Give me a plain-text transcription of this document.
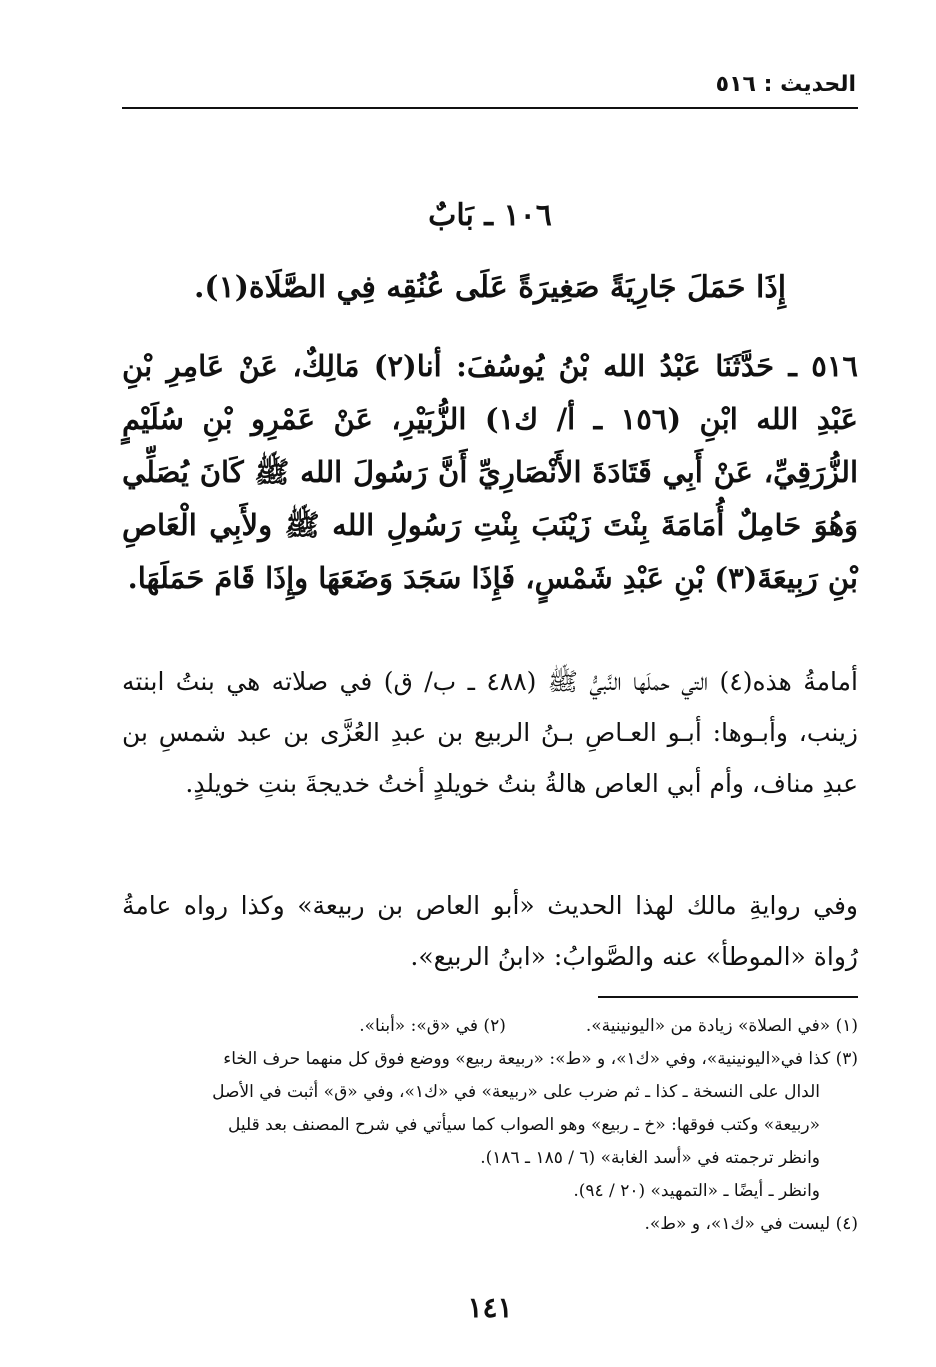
الحديث : ٥١٦
١٠٦ ـ بَابٌ
إِذَا حَمَلَ جَارِيَةً صَغِيرَةً عَلَى عُنُقِه فِي الصَّلَاة(١).
٥١٦ ـ حَدَّثَنَا عَبْدُ الله بْنُ يُوسُفَ: أنا(٢) مَالِكٌ، عَنْ عَامِرِ بْنِ عَبْدِ الله ابْنِ (١٥٦ ـ أ/ ك١) الزُّبَيْرِ، عَنْ عَمْرِو بْنِ سُلَيْمٍ الزُّرَقِيِّ، عَنْ أَبِي قَتَادَةَ الأَنْصَارِيِّ أَنَّ رَسُولَ الله ﷺ كَانَ يُصَلِّي وَهُوَ حَامِلٌ أُمَامَةَ بِنْتَ زَيْنَبَ بِنْتِ رَسُولِ الله ﷺ ولأَبِي الْعَاصِ بْنِ رَبِيعَةَ(٣) بْنِ عَبْدِ شَمْسٍ، فَإِذَا سَجَدَ وَضَعَهَا وإِذَا قَامَ حَمَلَهَا.
أمامةُ هذه(٤) التي حملَها النَّبيُّ ﷺ (٤٨٨ ـ ب/ ق) في صلاته هي بنتُ ابنته زينب، وأبـوها: أبـو العـاصِ بـنُ الربيع بن عبدِ العُزَّى بن عبد شمسِ بن عبدِ مناف، وأم أبي العاص هالةُ بنتُ خويلدٍ أختُ خديجةَ بنتِ خويلدٍ.
وفي روايةِ مالك لهذا الحديث «أبو العاص بن ربيعة» وكذا رواه عامةُ رُواة «الموطأ» عنه والصَّوابُ: «ابنُ الربيع».
(١) «في الصلاة» زيادة من «اليونينية».
(٢) في «ق»: «أبنا».
(٣) كذا في«اليونينية»، وفي «ك١»، و «ط»: «ربيعة ربيع» ووضع فوق كل منهما حرف الخاء
الدال على النسخة ـ كذا ـ ثم ضرب على «ربيعة» في «ك١»، وفي «ق» أثبت في الأصل
«ربيعة» وكتب فوقها: «خ ـ ربيع» وهو الصواب كما سيأتي في شرح المصنف بعد قليل
وانظر ترجمته في «أسد الغابة» (٦ / ١٨٥ ـ ١٨٦).
وانظر ـ أيضًا ـ «التمهيد» (٢٠ / ٩٤).
(٤) ليست في «ك١»، و «ط».
١٤١
